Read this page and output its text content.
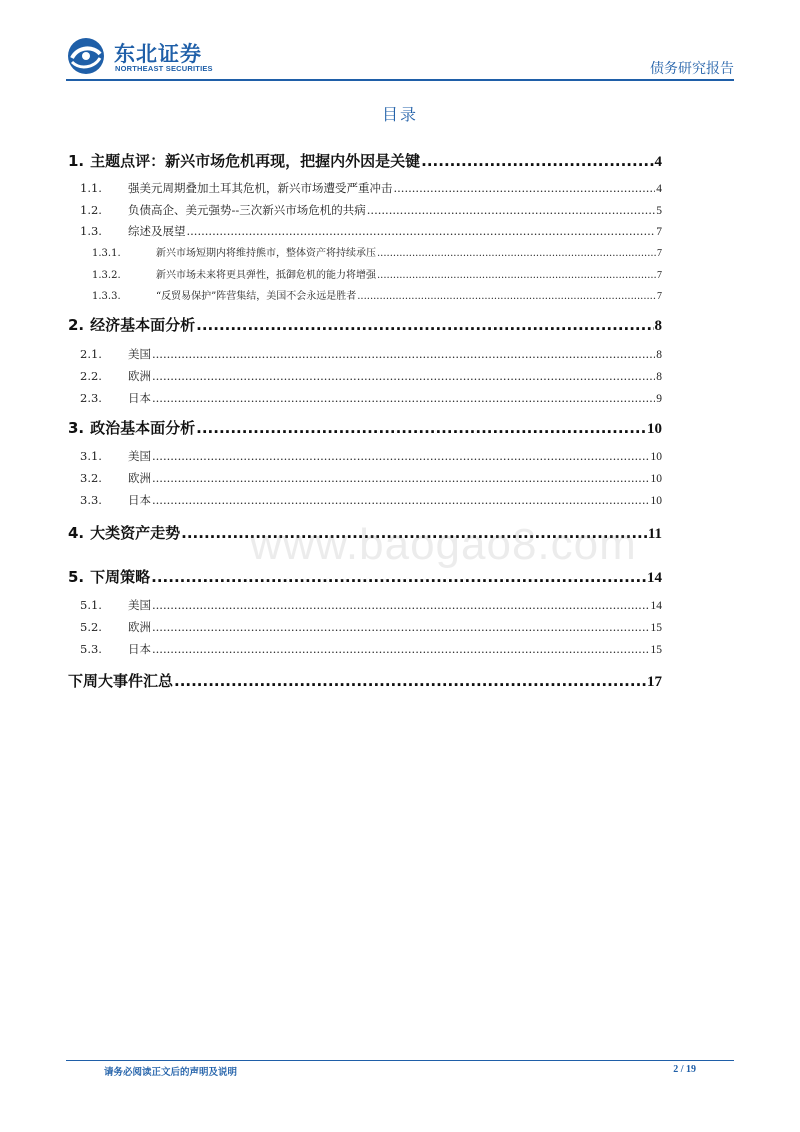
东北证券
NORTHEAST SECURITIES	债务研究报告
目录
1. 主题点评：新兴市场危机再现，把握内外因是关键 .....	4
1.1.	强美元周期叠加土耳其危机，新兴市场遭受严重冲击 .....	4
1.2.	负债高企、美元强势--三次新兴市场危机的共病 .....	5
1.3.	综述及展望 .....	7
1.3.1.	新兴市场短期内将维持熊市，整体资产将持续承压 .....	7
1.3.2.	新兴市场未来将更具弹性，抵御危机的能力将增强 .....	7
1.3.3.	“反贸易保护”阵营集结，美国不会永远是胜者 .....	7
2. 经济基本面分析 .....	8
2.1.	美国 .....	8
2.2.	欧洲 .....	8
2.3.	日本 .....	9
3. 政治基本面分析 .....	10
3.1.	美国 .....	10
3.2.	欧洲 .....	10
3.3.	日本 .....	10
4. 大类资产走势 .....	11
5. 下周策略 .....	14
5.1.	美国 .....	14
5.2.	欧洲 .....	15
5.3.	日本 .....	15
下周大事件汇总 .....	17
www.baogao8.com
请务必阅读正文后的声明及说明	2 / 19
